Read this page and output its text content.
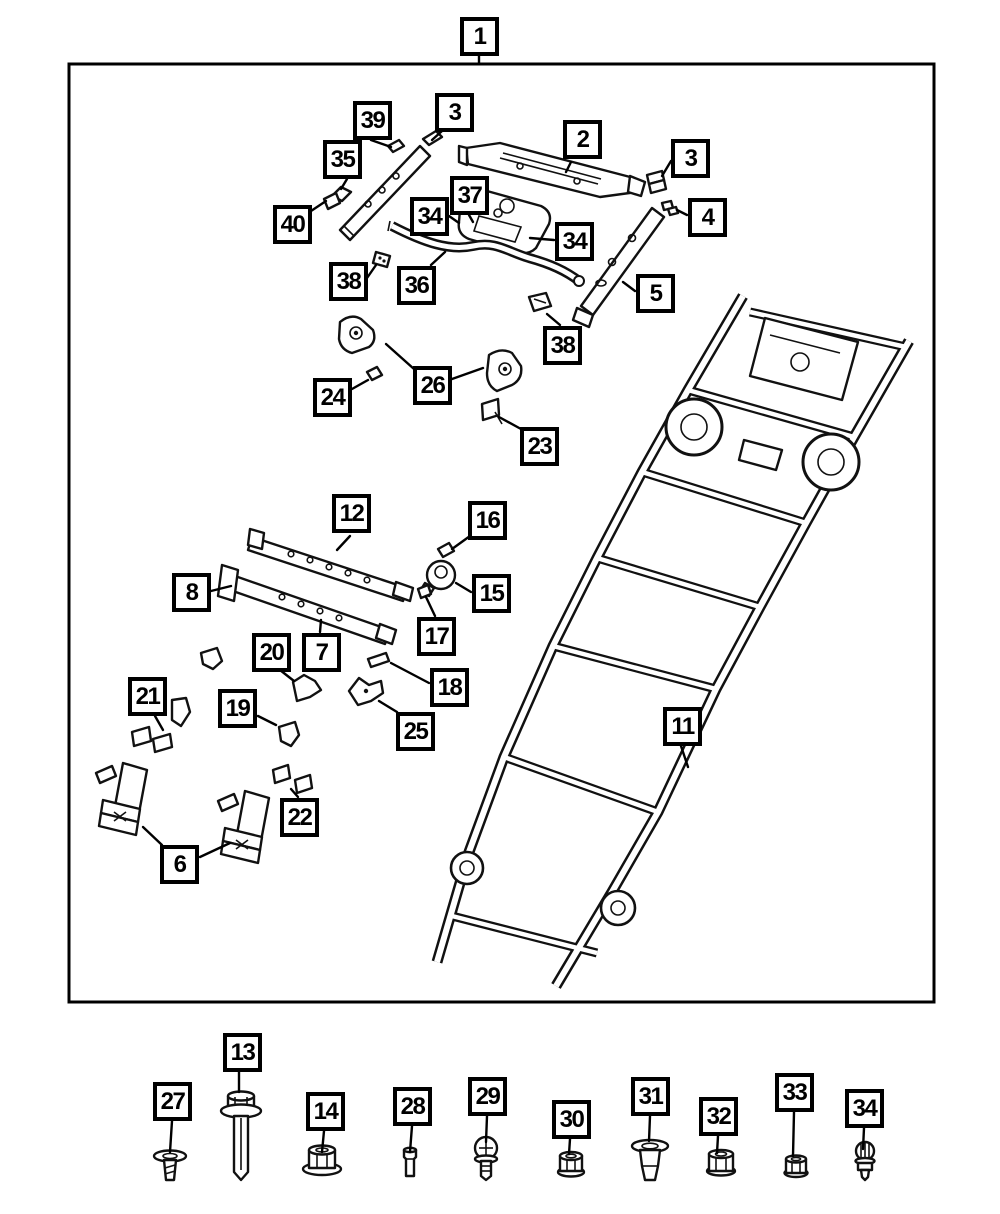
1
39	3
35
2
3
4
40
37
34
34
5
38 36
38
24	26
23
12	16
8	15
17
20 7
18
19
21
25
22
6
11
27
13
14	28 29
30
31
32
33
34
